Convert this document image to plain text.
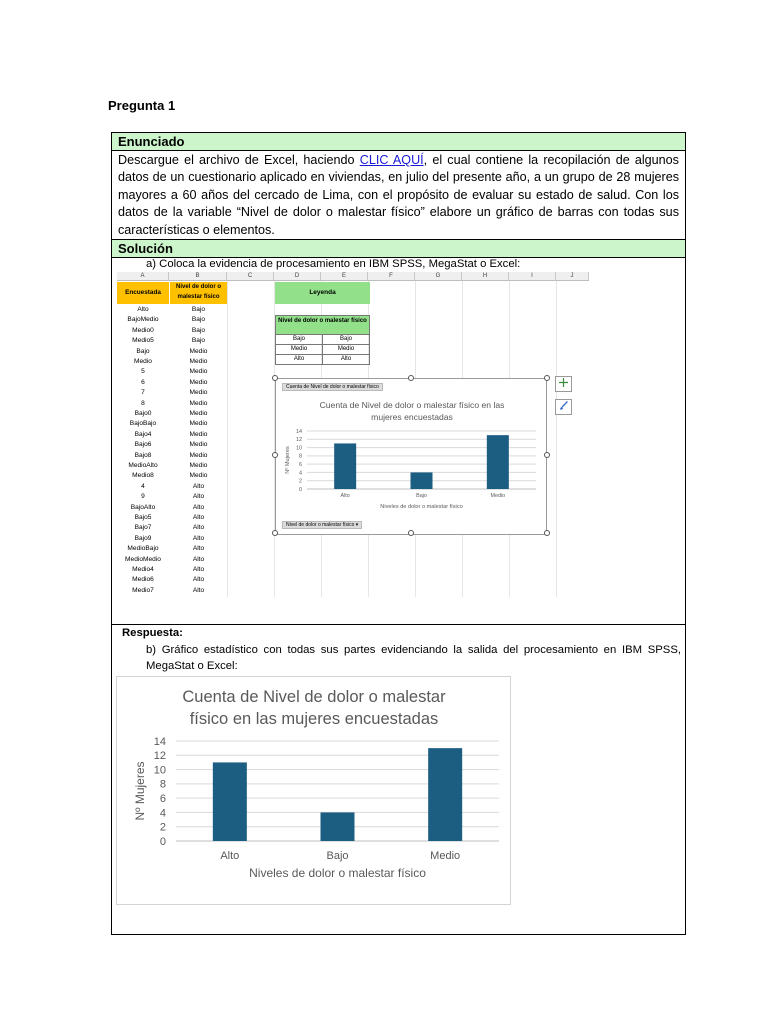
Pregunta 1
Enunciado
Descargue el archivo de Excel, haciendo CLIC AQUÍ, el cual contiene la recopilación de algunos datos de un cuestionario aplicado en viviendas, en julio del presente año, a un grupo de 28 mujeres mayores a 60 años del cercado de Lima, con el propósito de evaluar su estado de salud. Con los datos de la variable “Nivel de dolor o malestar físico” elabore un gráfico de barras con todas sus características o elementos.
Solución
a) Coloca la evidencia de procesamiento en IBM SPSS, MegaStat o Excel:
Respuesta:
b) Gráfico estadístico con todas sus partes evidenciando la salida del procesamiento en IBM SPSS, MegaStat o Excel:
A	B	C	D	E	F	G	H	I	J
Encuestada
Nivel de dolor o malestar físico
Alto	Bajo
BajoMedio	Bajo
Medio0	Bajo
Medio5	Bajo
Bajo	Medio
Medio	Medio
5	Medio
6	Medio
7	Medio
8	Medio
Bajo0	Medio
BajoBajo	Medio
Bajo4	Medio
Bajo6	Medio
Bajo8	Medio
MedioAlto	Medio
Medio8	Medio
4	Alto
9	Alto
BajoAlto	Alto
Bajo5	Alto
Bajo7	Alto
Bajo9	Alto
MedioBajo	Alto
MedioMedio	Alto
Medio4	Alto
Medio6	Alto
Medio7	Alto
Leyenda
Nivel de dolor o malestar físico
Bajo	Bajo
Medio	Medio
Alto	Alto
Cuenta de Nivel de dolor o malestar físico
Cuenta de Nivel de dolor o malestar físico en las
mujeres encuestadas
0
2
4
6
8
10
12
14
Alto	Bajo	Medio
Niveles de dolor o malestar físico
Nº Mujeres
Nivel de dolor o malestar físico ▾
Cuenta de Nivel de dolor o malestar
físico en las mujeres encuestadas
0
2
4
6
8
10
12
14
Alto	Bajo	Medio
Niveles de dolor o malestar físico
Nº Mujeres
